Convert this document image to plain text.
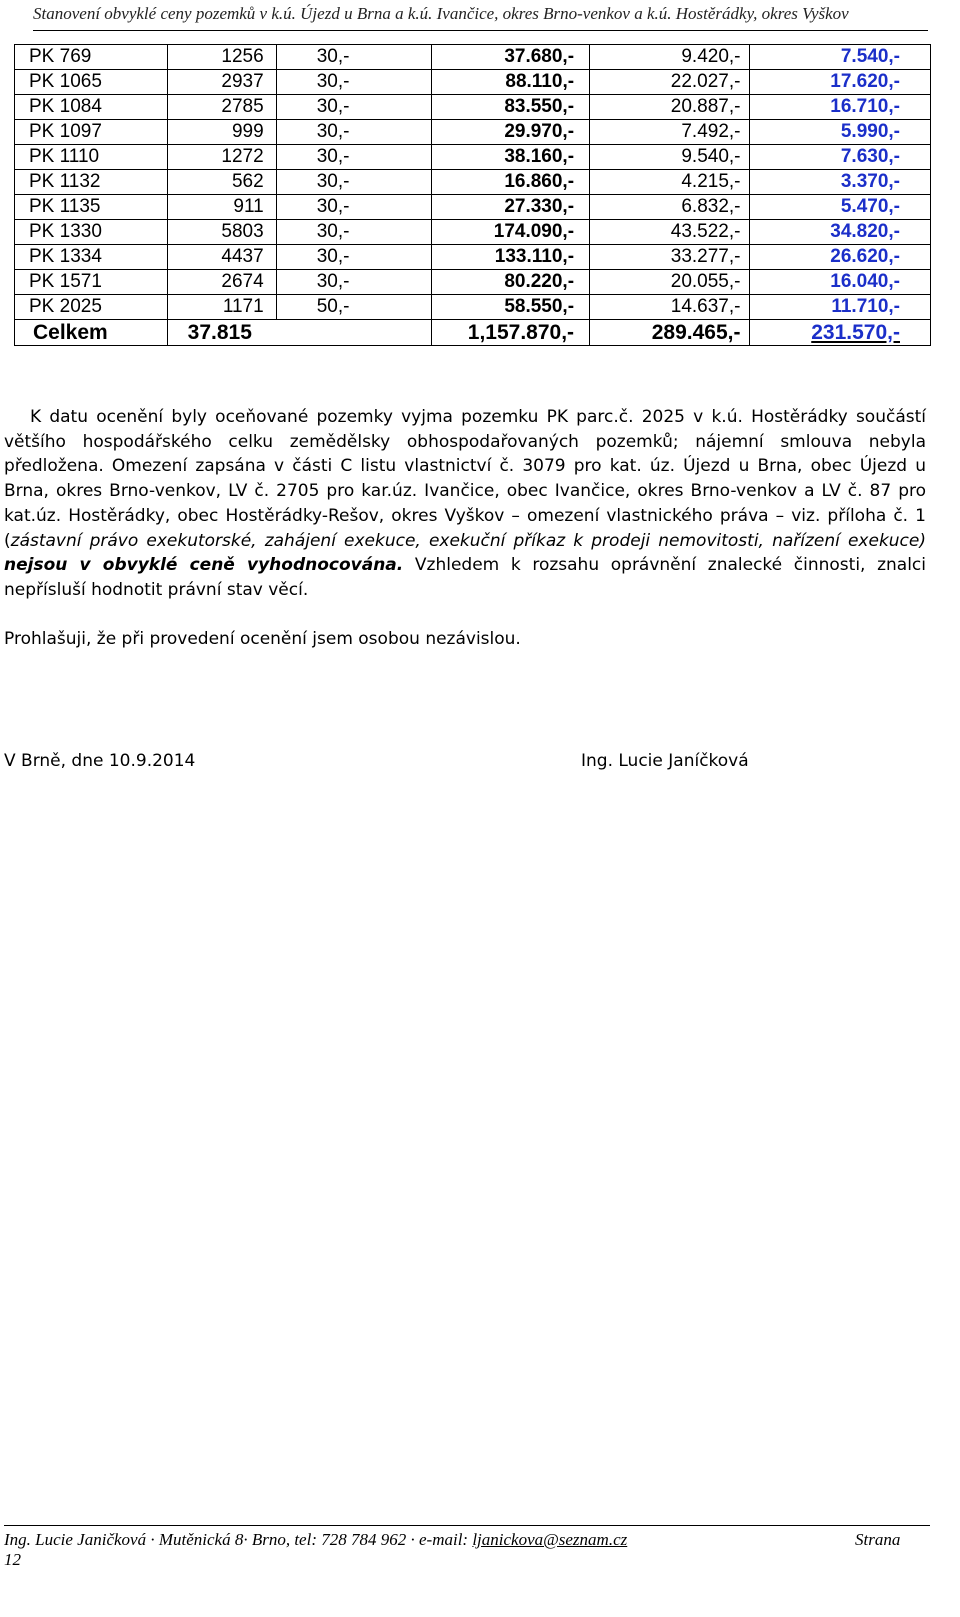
Stanovení obvyklé ceny pozemků v k.ú. Újezd u Brna a k.ú. Ivančice, okres Brno-venkov a k.ú. Hostěrádky, okres Vyškov
PK 769	1256	30,-	37.680,-	9.420,-	7.540,-
PK 1065	2937	30,-	88.110,-	22.027,-	17.620,-
PK 1084	2785	30,-	83.550,-	20.887,-	16.710,-
PK 1097	999	30,-	29.970,-	7.492,-	5.990,-
PK 1110	1272	30,-	38.160,-	9.540,-	7.630,-
PK 1132	562	30,-	16.860,-	4.215,-	3.370,-
PK 1135	911	30,-	27.330,-	6.832,-	5.470,-
PK 1330	5803	30,-	174.090,-	43.522,-	34.820,-
PK 1334	4437	30,-	133.110,-	33.277,-	26.620,-
PK 1571	2674	30,-	80.220,-	20.055,-	16.040,-
PK 2025	1171	50,-	58.550,-	14.637,-	11.710,-
Celkem	37.815		1,157.870,-	289.465,-	231.570,-
K datu ocenění byly oceňované pozemky vyjma pozemku PK parc.č. 2025 v k.ú. Hostěrádky součástí většího hospodářského celku zemědělsky obhospodařovaných pozemků; nájemní smlouva nebyla předložena. Omezení zapsána v části C listu vlastnictví č. 3079 pro kat. úz. Újezd u Brna, obec Újezd u Brna, okres Brno-venkov, LV č. 2705 pro kar.úz. Ivančice, obec Ivančice, okres Brno-venkov a LV č. 87 pro kat.úz. Hostěrádky, obec Hostěrádky-Rešov, okres Vyškov – omezení vlastnického práva – viz. příloha č. 1 (zástavní právo exekutorské, zahájení exekuce, exekuční příkaz k prodeji nemovitosti, nařízení exekuce) nejsou v obvyklé ceně vyhodnocována. Vzhledem k rozsahu oprávnění znalecké činnosti, znalci nepřísluší hodnotit právní stav věcí.
Prohlašuji, že při provedení ocenění jsem osobou nezávislou.
V Brně, dne 10.9.2014	Ing. Lucie Janíčková
Ing. Lucie Janičková · Mutěnická 8· Brno, tel: 728 784 962 · e-mail: ljanickova@seznam.cz	Strana
12
